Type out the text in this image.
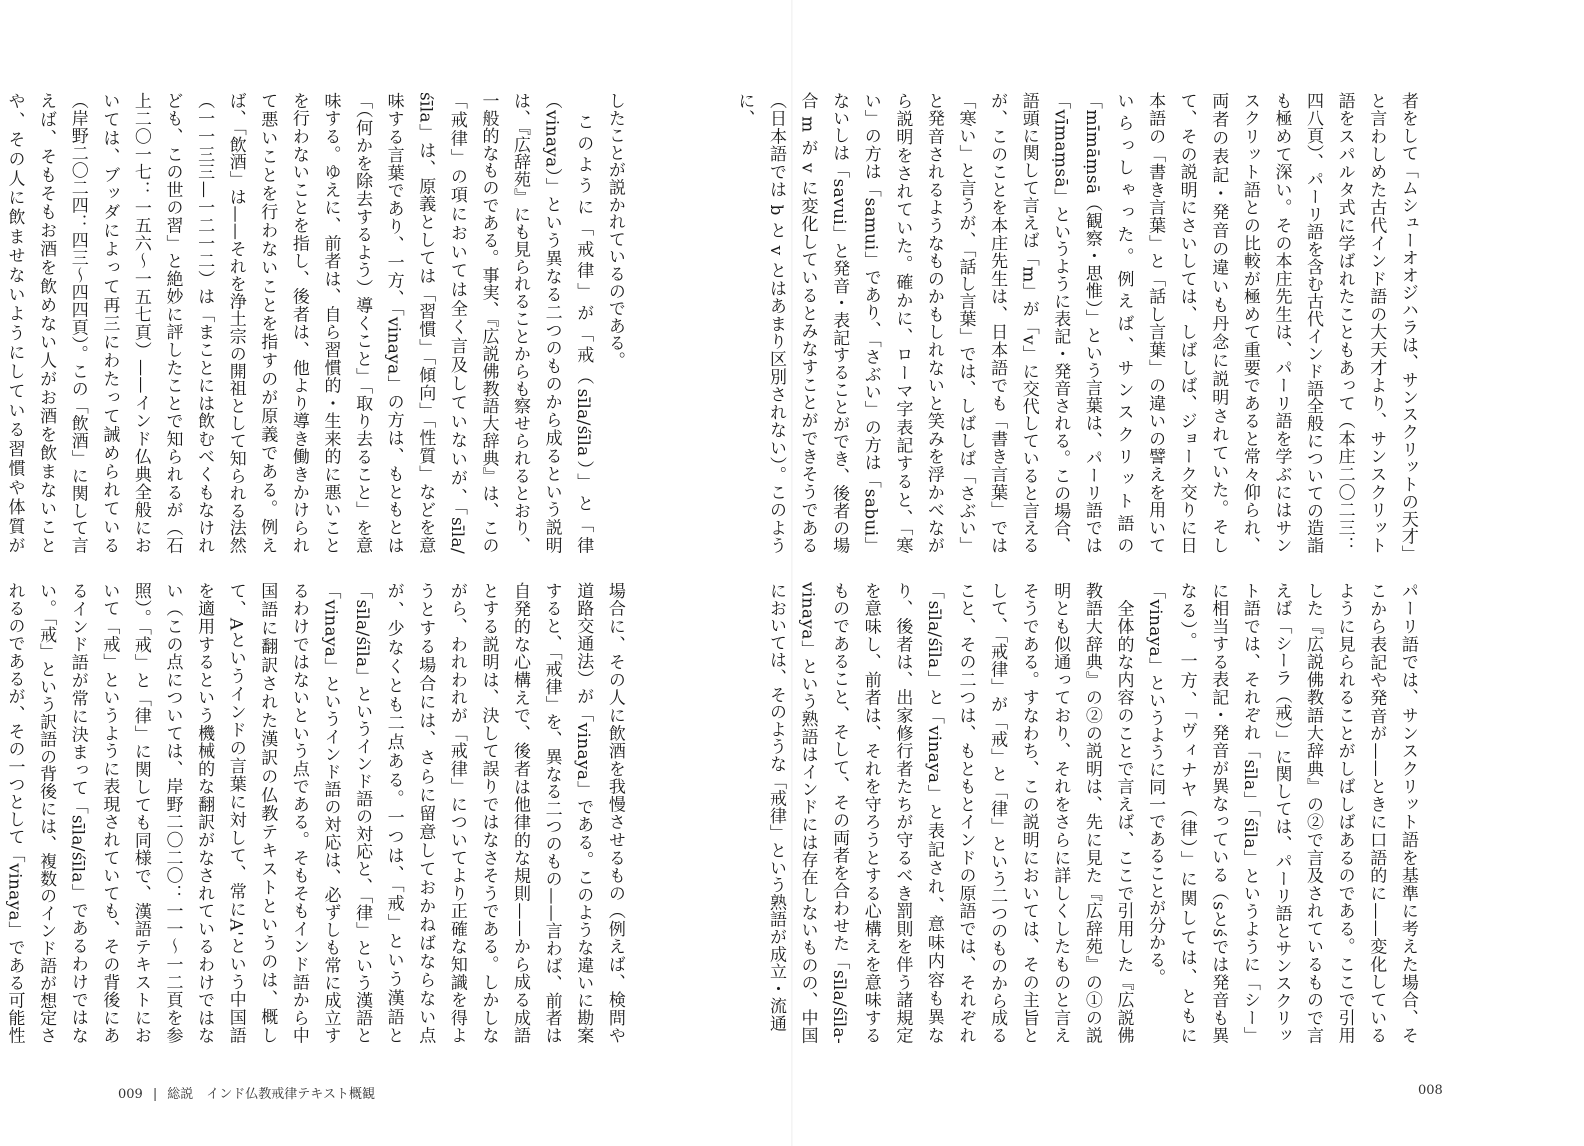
者をして「ムシューオオジハラは、サンスクリットの天才」と言わしめた古代インド語の大天才より、サンスクリット語をスパルタ式に学ばれたこともあって（本庄二〇二三：四八頁）、パーリ語を含む古代インド語全般についての造詣も極めて深い。その本庄先生は、パーリ語を学ぶにはサンスクリット語との比較が極めて重要であると常々仰られ、両者の表記・発音の違いも丹念に説明されていた。そして、その説明にさいしては、しばしば、ジョーク交りに日本語の「書き言葉」と「話し言葉」の違いの譬えを用いていらっしゃった。例えば、サンスクリット語の「mīmāṃsā（観察・思惟）」という言葉は、パーリ語では「vīmaṃsā」というように表記・発音される。この場合、語頭に関して言えば「m」が「v」に交代していると言えるが、このことを本庄先生は、日本語でも「書き言葉」では「寒い」と言うが、「話し言葉」では、しばしば「さぶい」と発音されるようなものかもしれないと笑みを浮かべながら説明をされていた。確かに、ローマ字表記すると、「寒い」の方は「samui」であり、「さぶい」の方は「sabui」ないしは「savui」と発音・表記することができ、後者の場合 m が v に変化しているとみなすことができそうである（日本語では b と v とはあまり区別されない）。このように、

パーリ語では、サンスクリット語を基準に考えた場合、そこから表記や発音が——ときに口語的に——変化しているように見られることがしばしばあるのである。ここで引用した『広説佛教語大辞典』の②で言及されているもので言えば「シーラ（戒）」に関しては、パーリ語とサンスクリット語では、それぞれ「sīla」「śīla」というように「シー」に相当する表記・発音が異なっている（sとśでは発音も異なる）。一方、「ヴィナヤ（律）」に関しては、ともに「vinaya」というように同一であることが分かる。
　全体的な内容のことで言えば、ここで引用した『広説佛教語大辞典』の②の説明は、先に見た『広辞苑』の①の説明とも似通っており、それをさらに詳しくしたものと言えそうである。すなわち、この説明においては、その主旨として、「戒律」が「戒」と「律」という二つのものから成ること、その二つは、もともとインドの原語では、それぞれ「sīla/śīla」と「vinaya」と表記され、意味内容も異なり、後者は、出家修行者たちが守るべき罰則を伴う諸規定を意味し、前者は、それを守ろうとする心構えを意味するものであること、そして、その両者を合わせた「sīla/śīla-vinaya」という熟語はインドには存在しないものの、中国においては、そのような「戒律」という熟語が成立・流通

008

したことが説かれているのである。
　このように「戒律」が「戒（sīla/śīla）」と「律（vinaya）」という異なる二つのものから成るという説明は、『広辞苑』にも見られることからも察せられるとおり、一般的なものである。事実、『広説佛教語大辞典』は、この「戒律」の項においては全く言及していないが、「sīla/śīla」は、原義としては「習慣」「傾向」「性質」などを意味する言葉であり、一方、「vinaya」の方は、もともとは「（何かを除去するよう）導くこと」「取り去ること」を意味する。ゆえに、前者は、自ら習慣的・生来的に悪いことを行わないことを指し、後者は、他より導き働きかけられて悪いことを行わないことを指すのが原義である。例えば、「飲酒」は——それを浄土宗の開祖として知られる法然（一一三三—一二一二）は「まことには飲むべくもなけれども、この世の習」と絶妙に評したことで知られるが（石上二〇一七：一五六〜一五七頁）——インド仏典全般においては、ブッダによって再三にわたって誡められている（岸野二〇二四：四三〜四四頁）。この「飲酒」に関して言えば、そもそもお酒を飲めない人がお酒を飲まないことや、その人に飲ませないようにしている習慣や体質が

場合に、その人に飲酒を我慢させるもの（例えば、検問や道路交通法）が「vinaya」である。このような違いに勘案すると、「戒律」を、異なる二つのもの——言わば、前者は自発的な心構えで、後者は他律的な規則——から成る成語とする説明は、決して誤りではなさそうである。しかしながら、われわれが「戒律」についてより正確な知識を得ようとする場合には、さらに留意しておかねばならない点が、少なくとも二点ある。一つは、「戒」という漢語と「sīla/śīla」というインド語の対応と、「律」という漢語と「vinaya」というインド語の対応は、必ずしも常に成立するわけではないという点である。そもそもインド語から中国語に翻訳された漢訳の仏教テキストというのは、概して、Aというインドの言葉に対して、常にA'という中国語を適用するという機械的な翻訳がなされているわけではない（この点については、岸野二〇二〇：一一〜一二頁を参照）。「戒」と「律」に関しても同様で、漢語テキストにおいて「戒」というように表現されていても、その背後にあるインド語が常に決まって「sīla/śīla」であるわけではない。「戒」という訳語の背後には、複数のインド語が想定されるのであるが、その一つとして「vinaya」である可能性

009 | 総説　インド仏教戒律テキスト概観
